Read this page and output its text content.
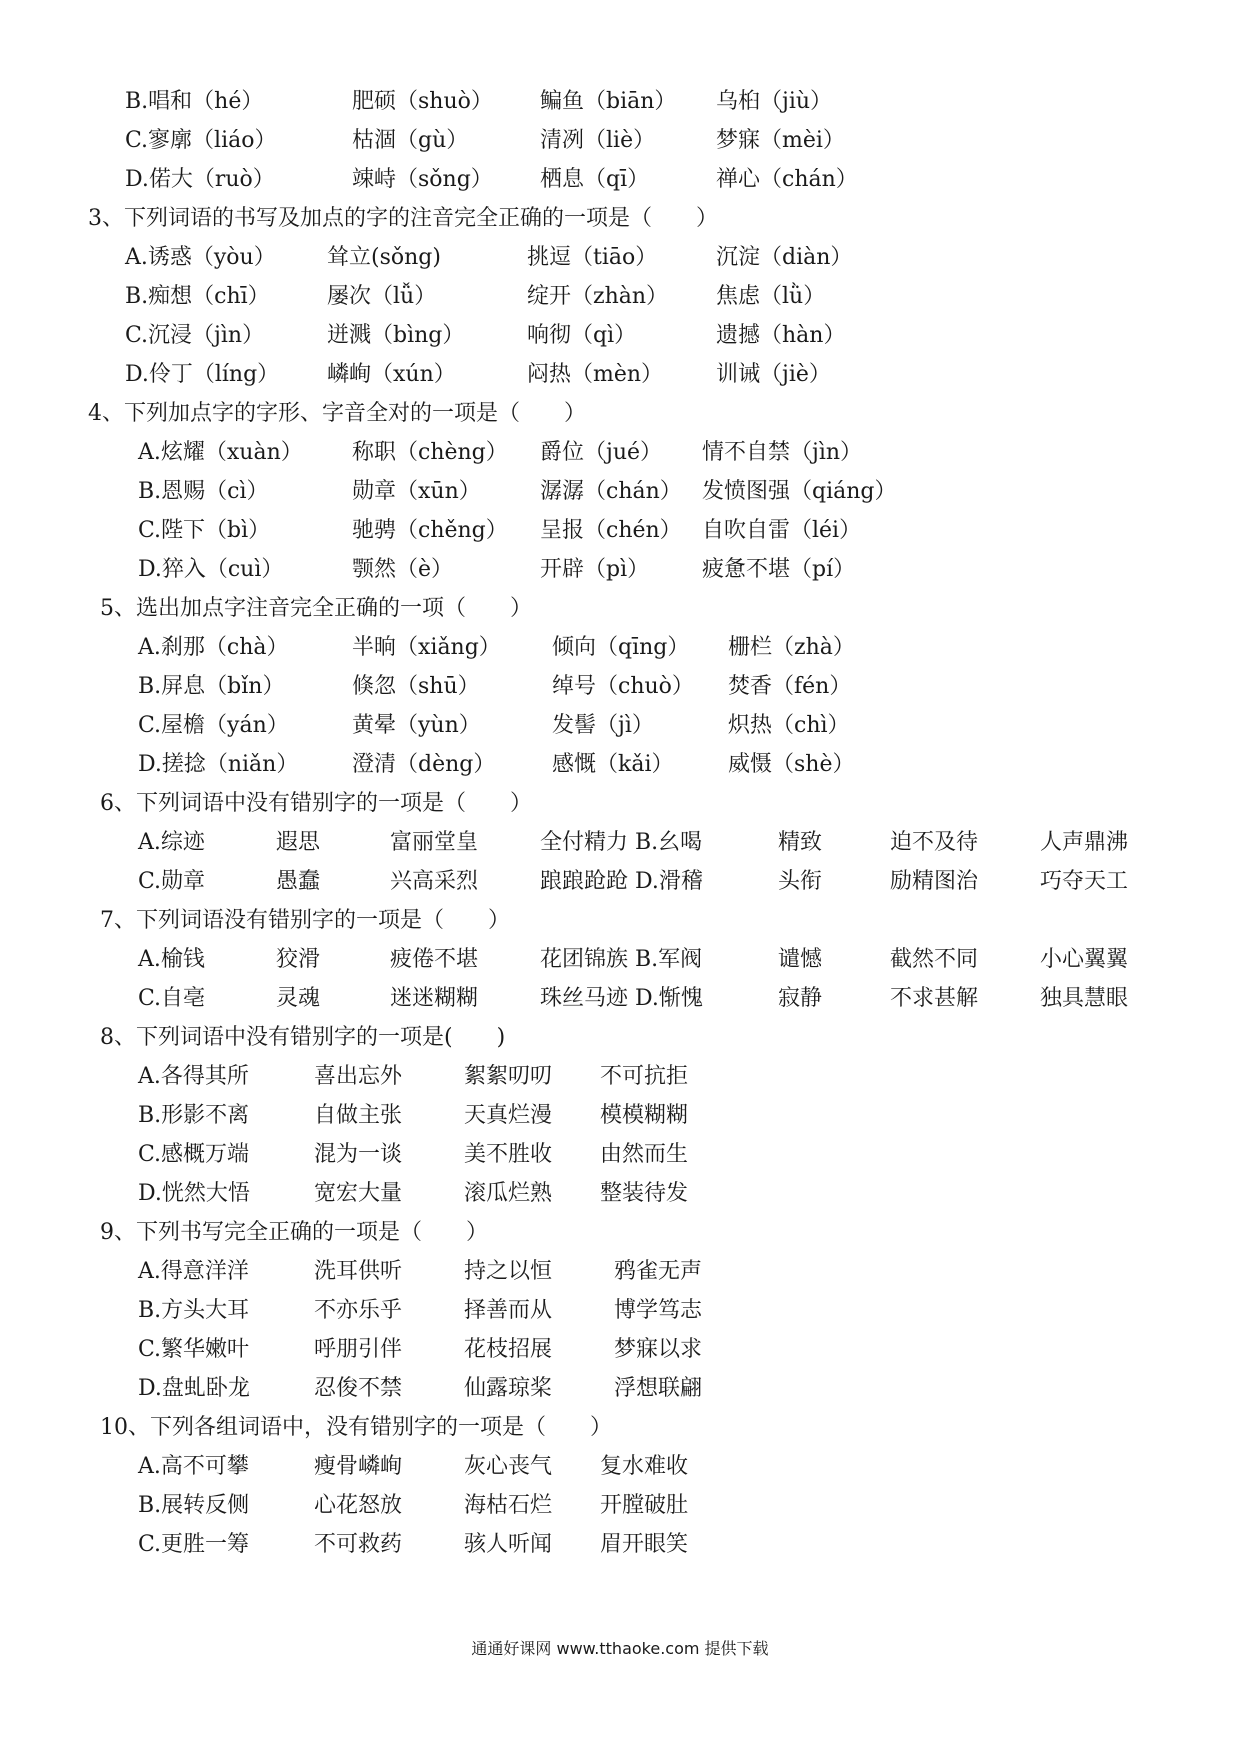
B.唱和（hé）	肥硕（shuò） 鳊鱼（biān） 乌桕（jiù）
C.寥廓（liáo）	枯涸（gù）	清冽（liè）	梦寐（mèi）
D.偌大（ruò）	竦峙（sǒng） 栖息（qī）	禅心（chán）
3、下列词语的书写及加点的字的注音完全正确的一项是（　　）
A.诱惑（yòu） 耸立(sǒng)	挑逗（tiāo）	沉淀（diàn）
B.痴想（chī）	屡次（lǚ）	绽开（zhàn） 焦虑（lǜ）
C.沉浸（jìn）	迸溅（bìng）	响彻（qì）	遗撼（hàn）
D.伶丁（líng） 嶙峋（xún）	闷热（mèn） 训诫（jiè）
4、下列加点字的字形、字音全对的一项是（　　）
A.炫耀（xuàn） 称职（chèng） 爵位（jué） 情不自禁（jìn）
B.恩赐（cì）	勋章（xūn）	潺潺（chán） 发愤图强（qiáng）
C.陛下（bì）	驰骋（chěng） 呈报（chén） 自吹自雷（léi）
D.猝入（cuì）	颚然（è）	开辟（pì） 疲惫不堪（pí）
5、选出加点字注音完全正确的一项（　　）
A.刹那（chà）	半晌（xiǎng） 倾向（qīng） 栅栏（zhà）
B.屏息（bǐn）	倏忽（shū）	绰号（chuò） 焚香（fén）
C.屋檐（yán）	黄晕（yùn）	发髻（jì）	炽热（chì）
D.搓捻（niǎn） 澄清（dèng）	感慨（kǎi） 威慑（shè）
6、下列词语中没有错别字的一项是（　　）
A.综迹	遐思	富丽堂皇	全付精力 B.幺喝	精致	迫不及待	人声鼎沸
C.勋章	愚蠢	兴高采烈	踉踉跄跄 D.滑稽	头衔	励精图治	巧夺天工
7、下列词语没有错别字的一项是（　　）
A.榆钱	狡滑	疲倦不堪	花团锦族 B.军阀	谴憾	截然不同	小心翼翼
C.自亳	灵魂	迷迷糊糊	珠丝马迹 D.惭愧	寂静	不求甚解	独具慧眼
8、下列词语中没有错别字的一项是(　　)
A.各得其所	喜出忘外	絮絮叨叨 不可抗拒
B.形影不离	自做主张	天真烂漫 模模糊糊
C.感概万端	混为一谈	美不胜收 由然而生
D.恍然大悟	宽宏大量	滚瓜烂熟 整装待发
9、下列书写完全正确的一项是（　　）
A.得意洋洋	洗耳供听	持之以恒	鸦雀无声
B.方头大耳	不亦乐乎	择善而从	博学笃志
C.繁华嫩叶	呼朋引伴	花枝招展	梦寐以求
D.盘虬卧龙	忍俊不禁	仙露琼桨	浮想联翩
10、下列各组词语中，没有错别字的一项是（　　）
A.高不可攀	瘦骨嶙峋	灰心丧气 复水难收
B.展转反侧	心花怒放	海枯石烂 开膛破肚
C.更胜一筹	不可救药	骇人听闻 眉开眼笑
通通好课网 www.tthaoke.com 提供下载
